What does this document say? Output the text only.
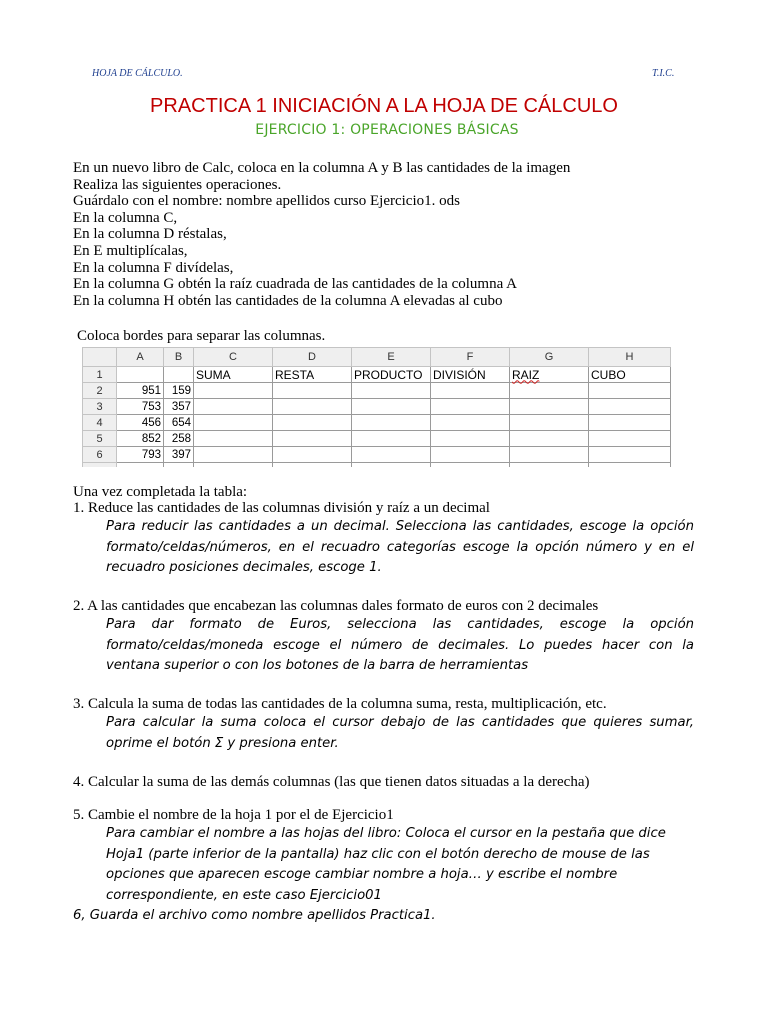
HOJA DE CÁLCULO.	T.I.C.
PRACTICA 1 INICIACIÓN A LA HOJA DE CÁLCULO
EJERCICIO 1: OPERACIONES BÁSICAS
En un nuevo libro de Calc, coloca en la columna A y B las cantidades de la imagen
Realiza las siguientes operaciones.
Guárdalo con el nombre: nombre apellidos curso Ejercicio1. ods
En la columna C,
En la columna D réstalas,
En E multiplícalas,
En la columna F divídelas,
En la columna G obtén la raíz cuadrada de las cantidades de la columna A
En la columna H obtén las cantidades de la columna A elevadas al cubo
Coloca bordes para separar las columnas.
	A	B	C	D	E	F	G	H
1			SUMA	RESTA	PRODUCTO	DIVISIÓN	RAIZ	CUBO
2	951	159						
3	753	357						
4	456	654						
5	852	258						
6	793	397						

Una vez completada la tabla:
1. Reduce las cantidades de las columnas división y raíz a un decimal
Para reducir las cantidades a un decimal. Selecciona las cantidades, escoge la opción formato/celdas/números, en el recuadro categorías escoge la opción número y en el recuadro posiciones decimales, escoge 1.
2. A las cantidades que encabezan las columnas dales formato de euros con 2 decimales
Para dar formato de Euros, selecciona las cantidades, escoge la opción formato/celdas/moneda escoge el número de decimales. Lo puedes hacer con la ventana superior o con los botones de la barra de herramientas
3. Calcula la suma de todas las cantidades de la columna suma, resta, multiplicación, etc.
Para calcular la suma coloca el cursor debajo de las cantidades que quieres sumar, oprime el botón Σ y presiona enter.
4. Calcular la suma de las demás columnas (las que tienen datos situadas a la derecha)
5. Cambie el nombre de la hoja 1 por el de Ejercicio1
Para cambiar el nombre a las hojas del libro: Coloca el cursor en la pestaña que dice Hoja1 (parte inferior de la pantalla) haz clic con el botón derecho de mouse de las opciones que aparecen escoge cambiar nombre a hoja… y escribe el nombre correspondiente, en este caso Ejercicio01
6, Guarda el archivo como nombre apellidos Practica1.
